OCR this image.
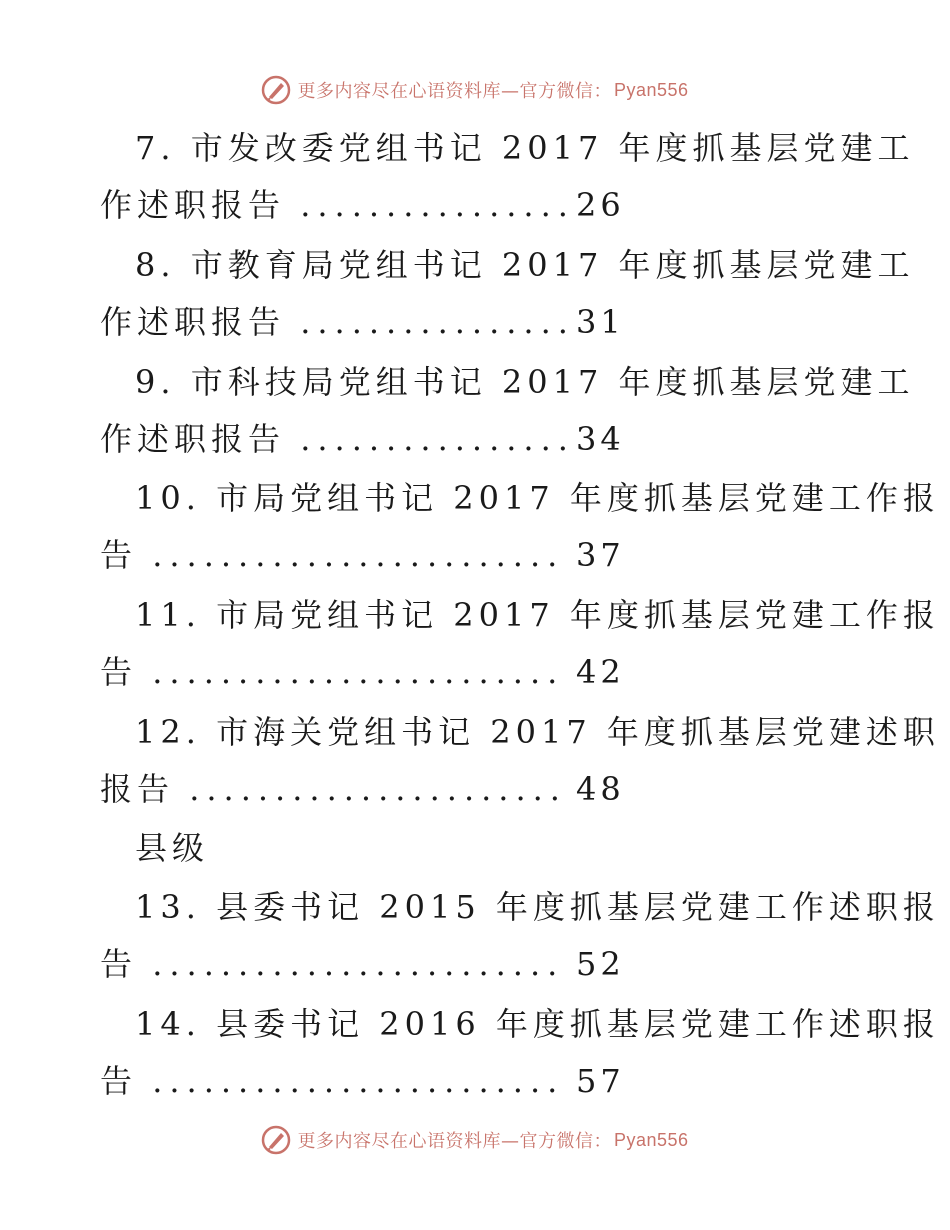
更多内容尽在心语资料库—官方微信： Pyan556
7. 市发改委党组书记 2017 年度抓基层党建工
作述职报告 ................ 26
8. 市教育局党组书记 2017 年度抓基层党建工
作述职报告 ................ 31
9. 市科技局党组书记 2017 年度抓基层党建工
作述职报告 ................ 34
10. 市局党组书记 2017 年度抓基层党建工作报
告 ........................ 37
11. 市局党组书记 2017 年度抓基层党建工作报
告 ........................ 42
12. 市海关党组书记 2017 年度抓基层党建述职
报告 ...................... 48
县级
13. 县委书记 2015 年度抓基层党建工作述职报
告 ........................ 52
14. 县委书记 2016 年度抓基层党建工作述职报
告 ........................ 57
更多内容尽在心语资料库—官方微信： Pyan556
